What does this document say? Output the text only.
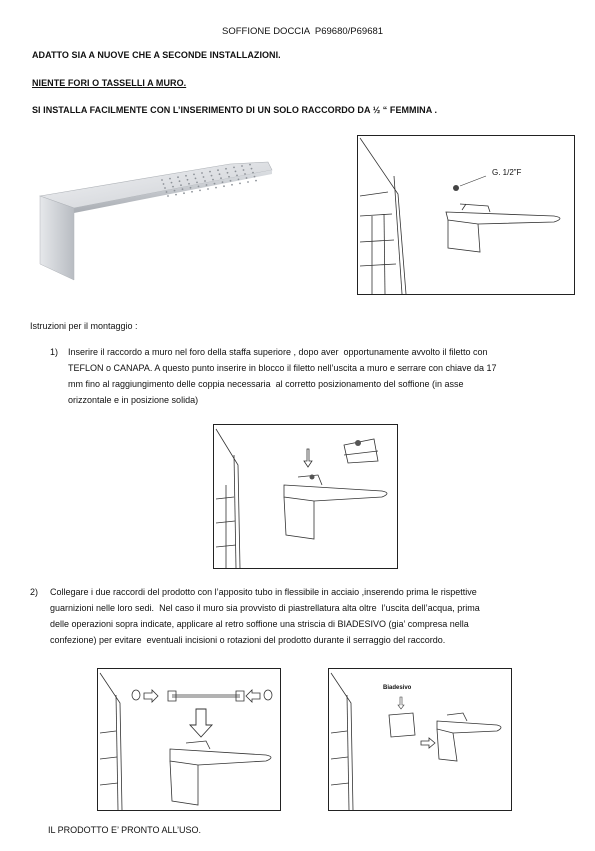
SOFFIONE DOCCIA  P69680/P69681
ADATTO SIA A NUOVE CHE A SECONDE INSTALLAZIONI.
NIENTE FORI O TASSELLI A MURO.
SI INSTALLA FACILMENTE CON L’INSERIMENTO DI UN SOLO RACCORDO DA ½ “ FEMMINA .
G. 1/2”F
Istruzioni per il montaggio :
1) Inserire il raccordo a muro nel foro della staffa superiore , dopo aver  opportunamente avvolto il filetto con
TEFLON o CANAPA. A questo punto inserire in blocco il filetto nell’uscita a muro e serrare con chiave da 17
mm fino al raggiungimento delle coppia necessaria  al corretto posizionamento del soffione (in asse
orizzontale e in posizione solida)
2) Collegare i due raccordi del prodotto con l’apposito tubo in flessibile in acciaio ,inserendo prima le rispettive
guarnizioni nelle loro sedi.  Nel caso il muro sia provvisto di piastrellatura alta oltre  l’uscita dell’acqua, prima
delle operazioni sopra indicate, applicare al retro soffione una striscia di BIADESIVO (gia’ compresa nella
confezione) per evitare  eventuali incisioni o rotazioni del prodotto durante il serraggio del raccordo.
Biadesivo
IL PRODOTTO E’ PRONTO ALL’USO.
